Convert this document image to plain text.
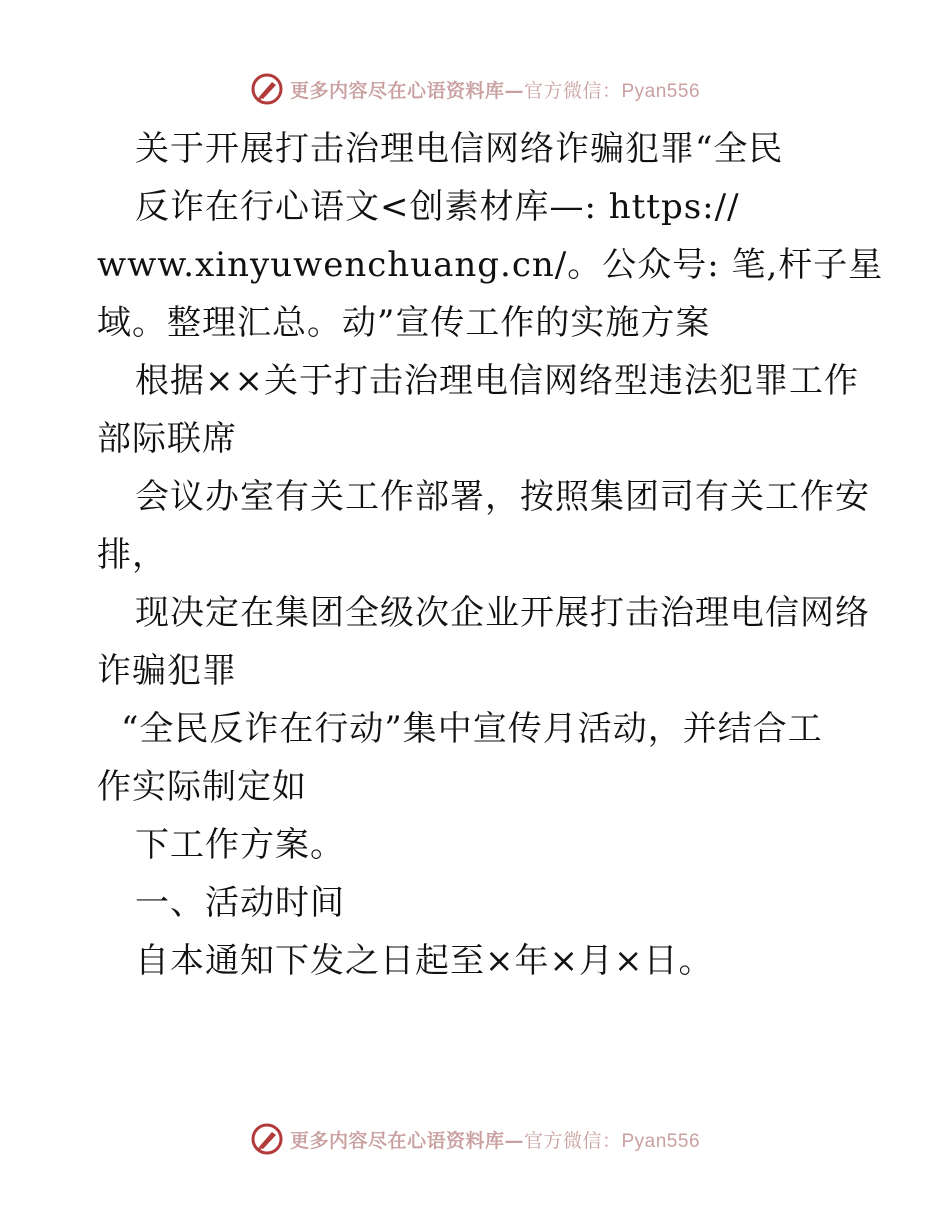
更多内容尽在心语资料库—官方微信：Pyan556
关于开展打击治理电信网络诈骗犯罪“全民
反诈在行心语文<创素材库—: https://
www.xinyuwenchuang.cn/。公众号: 笔,杆子星
域。整理汇总。动”宣传工作的实施方案
根据××关于打击治理电信网络型违法犯罪工作
部际联席
会议办室有关工作部署，按照集团司有关工作安
排，
现决定在集团全级次企业开展打击治理电信网络
诈骗犯罪
“全民反诈在行动”集中宣传月活动，并结合工
作实际制定如
下工作方案。
一、活动时间
自本通知下发之日起至×年×月×日。
更多内容尽在心语资料库—官方微信：Pyan556
